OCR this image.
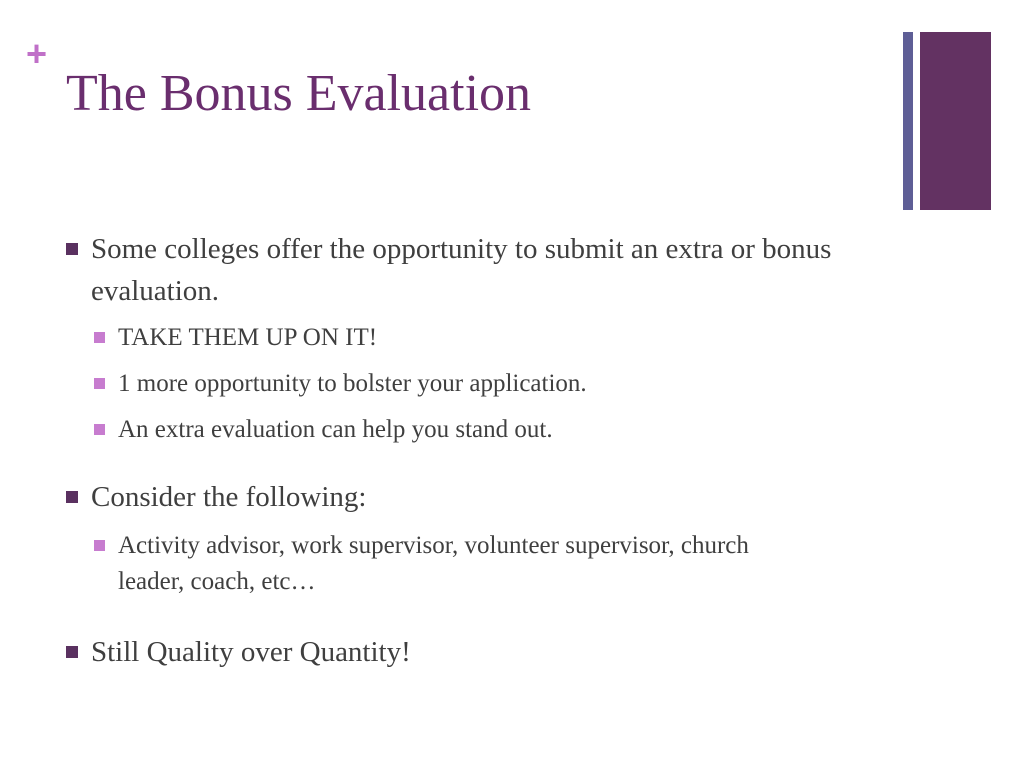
+
The Bonus Evaluation
Some colleges offer the opportunity to submit an extra or bonus evaluation.
TAKE THEM UP ON IT!
1 more opportunity to bolster your application.
An extra evaluation can help you stand out.
Consider the following:
Activity advisor, work supervisor, volunteer supervisor, church leader, coach, etc…
Still Quality over Quantity!
